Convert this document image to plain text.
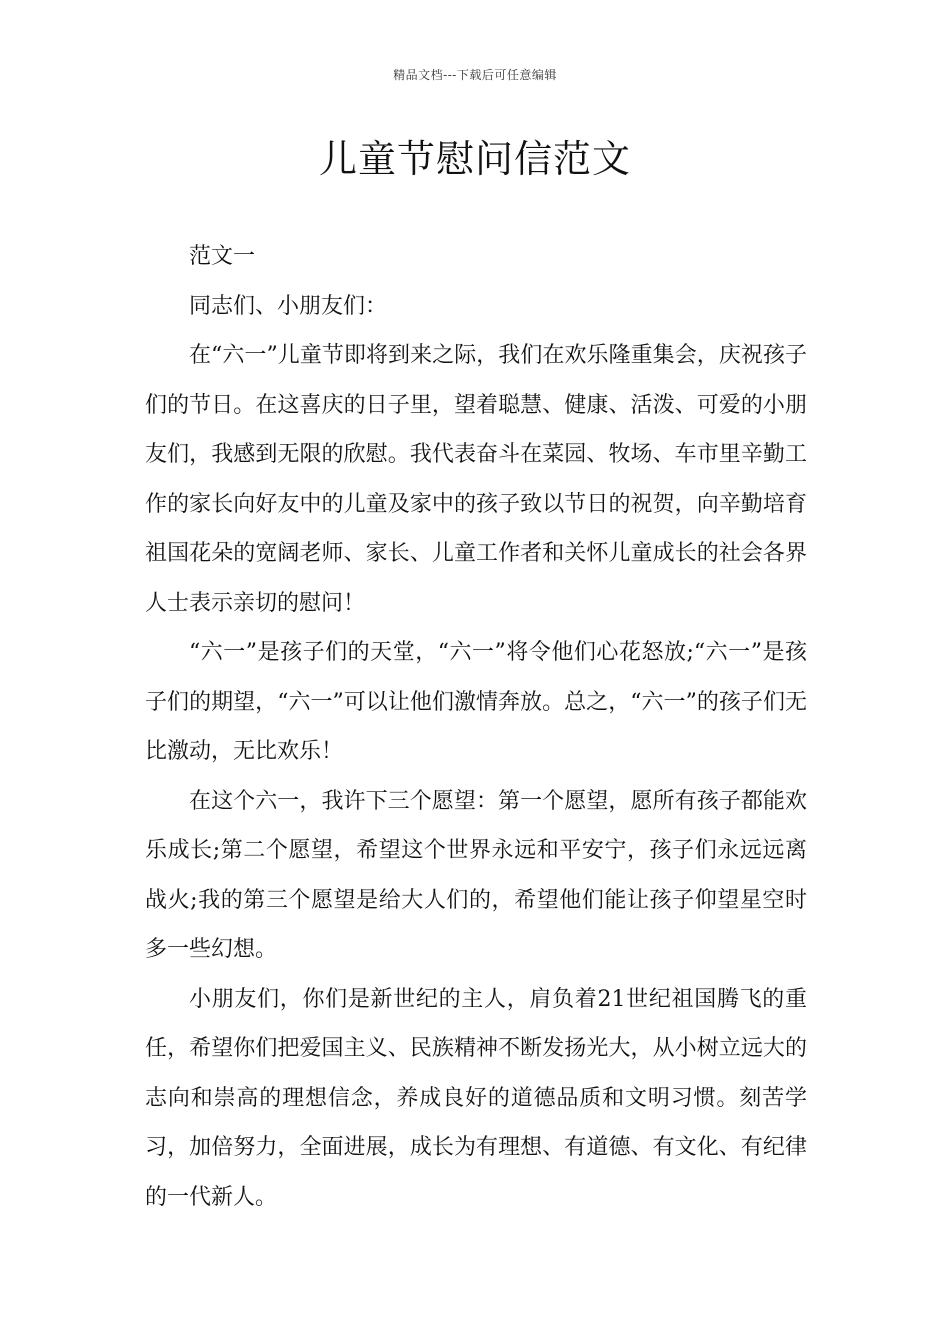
精品文档---下载后可任意编辑
儿童节慰问信范文

范文一

同志们、小朋友们：

在“六一”儿童节即将到来之际，我们在欢乐隆重集会，庆祝孩子们的节日。在这喜庆的日子里，望着聪慧、健康、活泼、可爱的小朋友们，我感到无限的欣慰。我代表奋斗在菜园、牧场、车市里辛勤工作的家长向好友中的儿童及家中的孩子致以节日的祝贺，向辛勤培育祖国花朵的宽阔老师、家长、儿童工作者和关怀儿童成长的社会各界人士表示亲切的慰问！

“六一”是孩子们的天堂，“六一”将令他们心花怒放;“六一”是孩子们的期望，“六一”可以让他们激情奔放。总之，“六一”的孩子们无比激动，无比欢乐！

在这个六一，我许下三个愿望：第一个愿望，愿所有孩子都能欢乐成长;第二个愿望，希望这个世界永远和平安宁，孩子们永远远离战火;我的第三个愿望是给大人们的，希望他们能让孩子仰望星空时多一些幻想。

小朋友们，你们是新世纪的主人，肩负着21世纪祖国腾飞的重任，希望你们把爱国主义、民族精神不断发扬光大，从小树立远大的志向和崇高的理想信念，养成良好的道德品质和文明习惯。刻苦学习，加倍努力，全面进展，成长为有理想、有道德、有文化、有纪律的一代新人。
